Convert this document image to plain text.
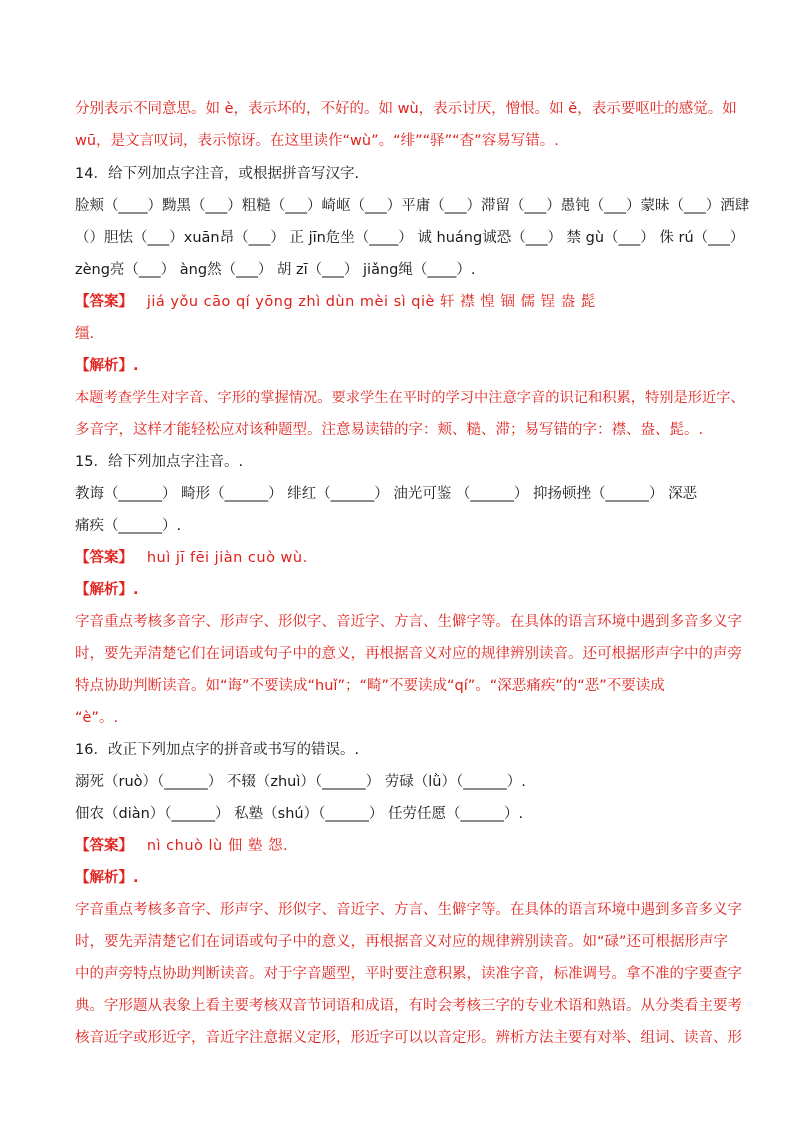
分别表示不同意思。如 è，表示坏的，不好的。如 wù，表示讨厌，憎恨。如 ě，表示要呕吐的感觉。如
wū，是文言叹词，表示惊讶。在这里读作“wù”。“绯”“驿”“杳”容易写错。.
14．给下列加点字注音，或根据拼音写汉字.
脸颊（____）黝黑（___）粗糙（___）崎岖（___）平庸（___）滞留（___）愚钝（___）蒙昧（___）洒肆
（）胆怯（___）xuān昂（___） 正 jīn危坐（____） 诚 huáng诚恐（___） 禁 gù（___） 侏 rú（___）
zèng亮（___） àng然（___） 胡 zī（___） jiǎng绳（____）.
【答案】 jiá yǒu cāo qí yōng zhì dùn mèi sì qiè 轩 襟 惶 锢 儒 锃 盎 髭
缰.
【解析】.
本题考查学生对字音、字形的掌握情况。要求学生在平时的学习中注意字音的识记和积累，特别是形近字、
多音字，这样才能轻松应对该种题型。注意易读错的字：颊、糙、滞；易写错的字：襟、盎、髭。.
15．给下列加点字注音。.
教诲（______） 畸形（______） 绯红（______） 油光可鉴 （______） 抑扬顿挫（______） 深恶
痛疾（______）.
【答案】 huì jī fēi jiàn cuò wù.
【解析】.
字音重点考核多音字、形声字、形似字、音近字、方言、生僻字等。在具体的语言环境中遇到多音多义字
时，要先弄清楚它们在词语或句子中的意义，再根据音义对应的规律辨别读音。还可根据形声字中的声旁
特点协助判断读音。如“诲”不要读成“huǐ”；“畸”不要读成“qí”。“深恶痛疾”的“恶”不要读成
“è”。.
16．改正下列加点字的拼音或书写的错误。.
溺死（ruò）（______） 不辍（zhuì）（______） 劳碌（lǜ）（______）.
佃农（diàn）（______） 私塾（shú）（______） 任劳任愿（______）.
【答案】 nì chuò lù 佃 塾 怨.
【解析】.
字音重点考核多音字、形声字、形似字、音近字、方言、生僻字等。在具体的语言环境中遇到多音多义字
时，要先弄清楚它们在词语或句子中的意义，再根据音义对应的规律辨别读音。如“碌”还可根据形声字
中的声旁特点协助判断读音。对于字音题型，平时要注意积累，读准字音，标准调号。拿不准的字要查字
典。字形题从表象上看主要考核双音节词语和成语，有时会考核三字的专业术语和熟语。从分类看主要考
核音近字或形近字，音近字注意据义定形，形近字可以以音定形。辨析方法主要有对举、组词、读音、形
